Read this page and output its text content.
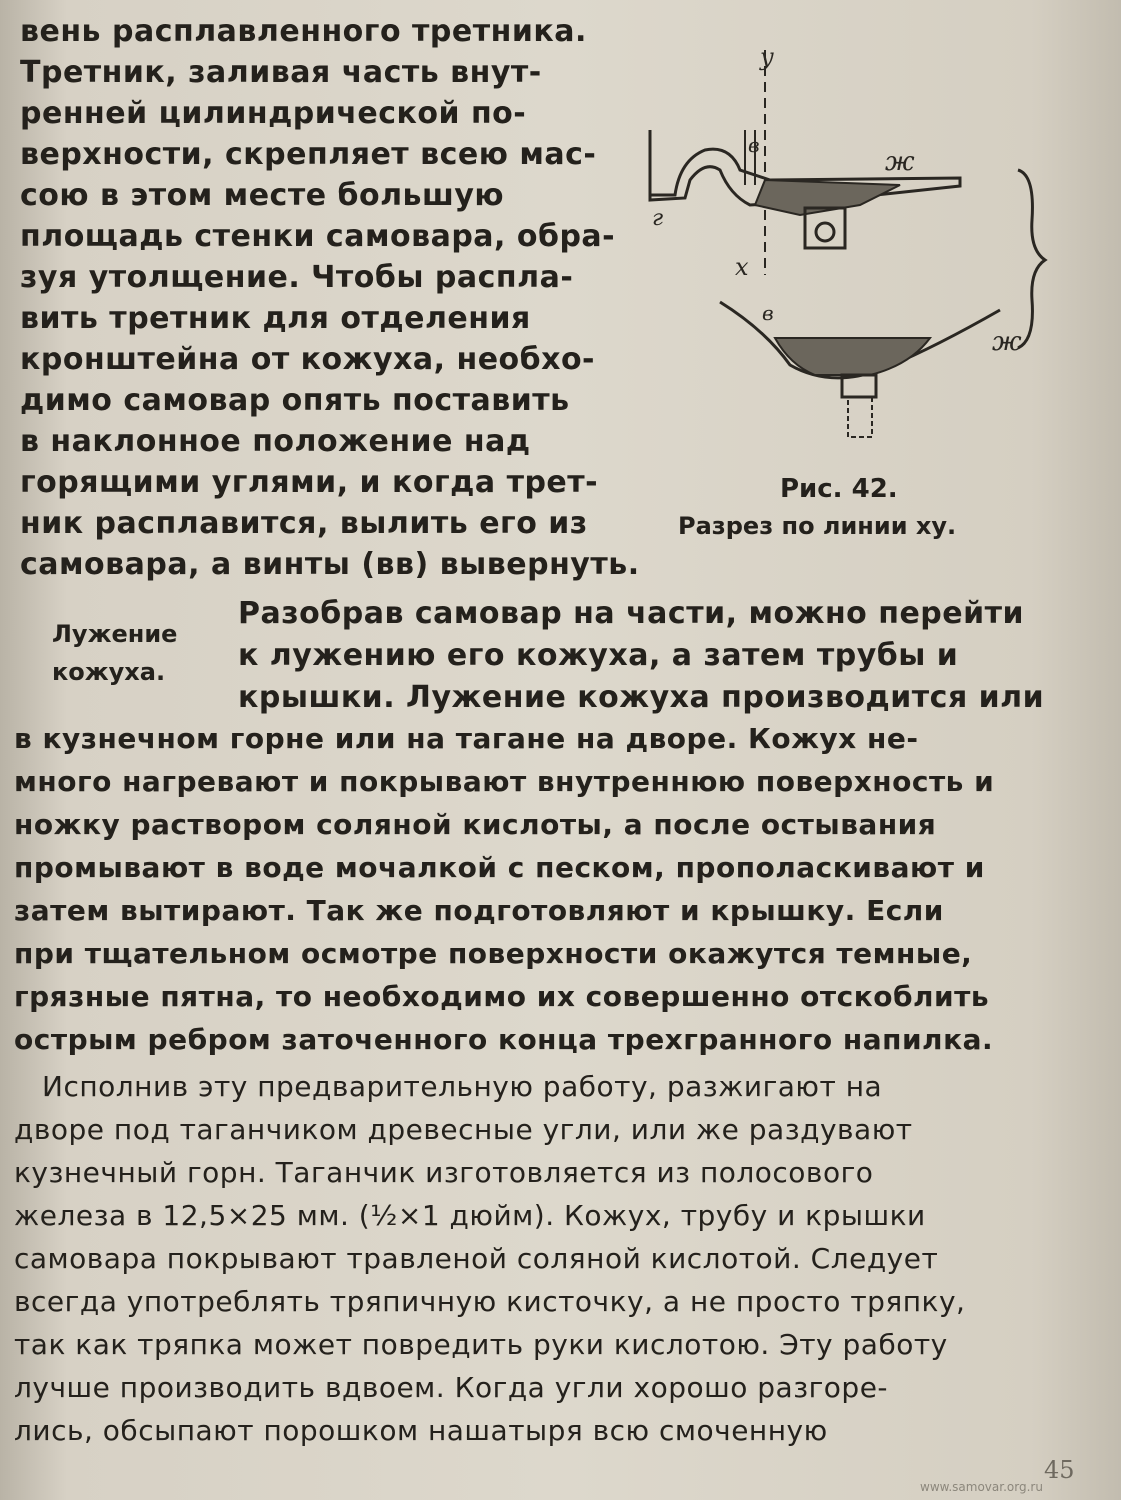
вень расплавленного третника.
Третник, заливая часть внут-
ренней цилиндрической по-
верхности, скрепляет всею мас-
сою в этом месте большую
площадь стенки самовара, обра-
зуя утолщение. Чтобы распла-
вить третник для отделения
кронштейна от кожуха, необхо-
димо самовар опять поставить
в наклонное положение над
горящими углями, и когда трет-
ник расплавится, вылить его из
самовара, а винты (вв) вывернуть.
у
х
в
ж
г
в
ж
Рис. 42.
Разрез по линии ху.
Лужение
кожуха.
Разобрав самовар на части, можно перейти
к лужению его кожуха, а затем трубы и
крышки. Лужение кожуха производится или
в кузнечном горне или на тагане на дворе. Кожух не-
много нагревают и покрывают внутреннюю поверхность и
ножку раствором соляной кислоты, а после остывания
промывают в воде мочалкой с песком, прополаскивают и
затем вытирают. Так же подготовляют и крышку. Если
при тщательном осмотре поверхности окажутся темные,
грязные пятна, то необходимо их совершенно отскоблить
острым ребром заточенного конца трехгранного напилка.
Исполнив эту предварительную работу, разжигают на
дворе под таганчиком древесные угли, или же раздувают
кузнечный горн. Таганчик изготовляется из полосового
железа в 12,5×25 мм. (½×1 дюйм). Кожух, трубу и крышки
самовара покрывают травленой соляной кислотой. Следует
всегда употреблять тряпичную кисточку, а не просто тряпку,
так как тряпка может повредить руки кислотою. Эту работу
лучше производить вдвоем. Когда угли хорошо разгоре-
лись, обсыпают порошком нашатыря всю смоченную
45
www.samovar.org.ru
